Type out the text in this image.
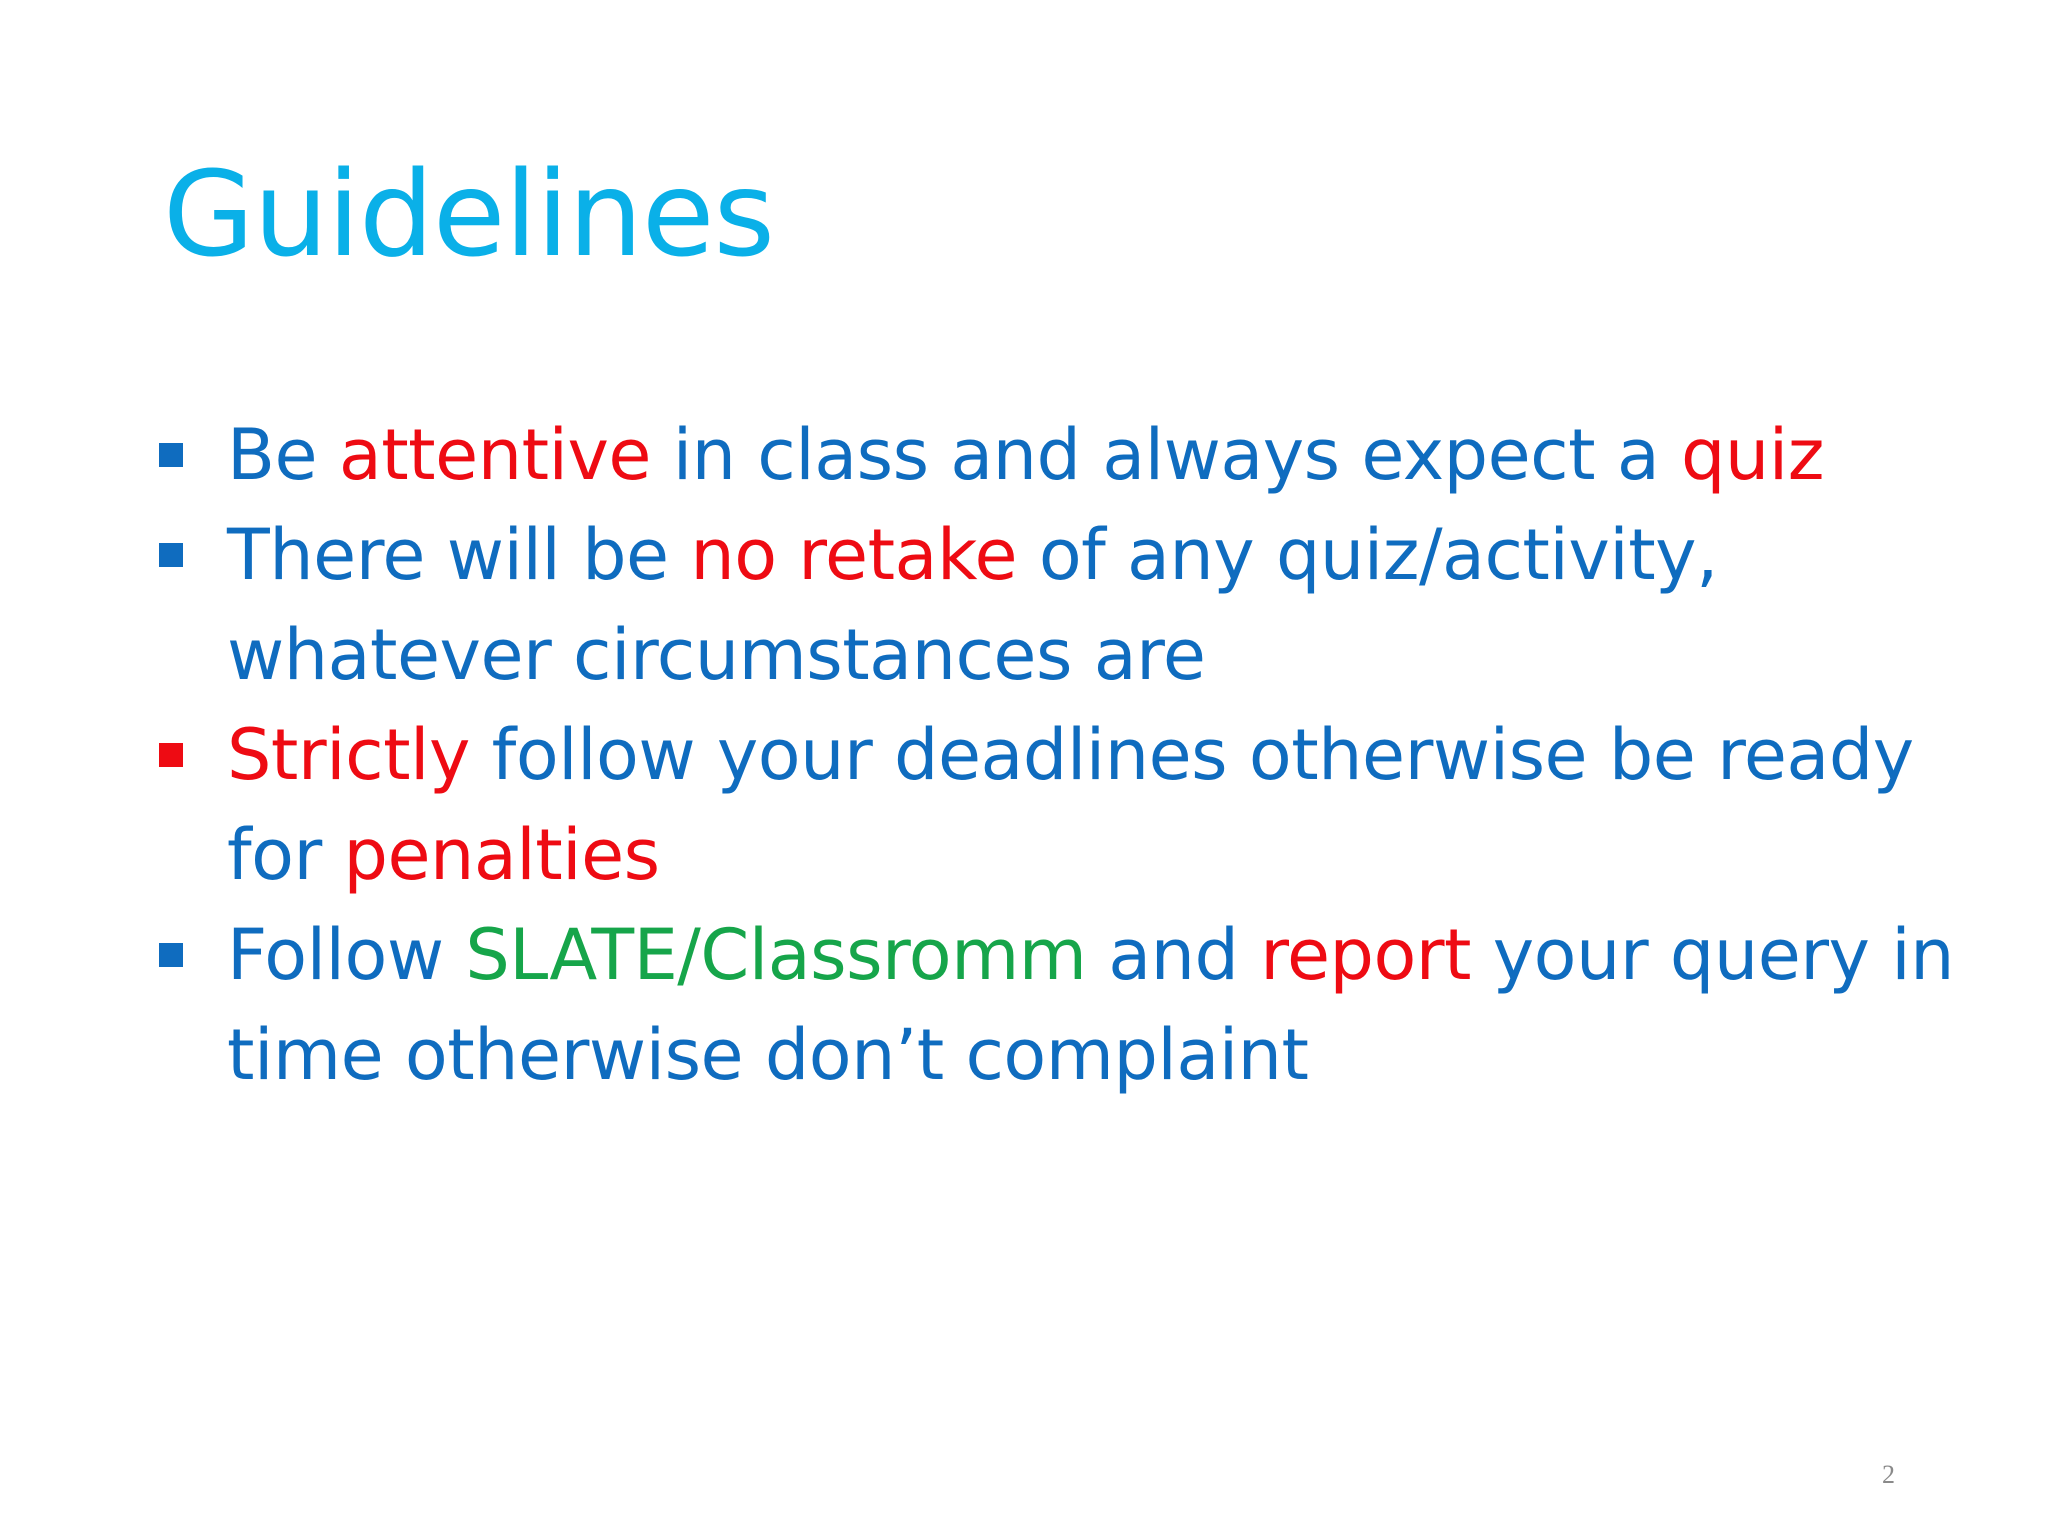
Guidelines
Be attentive in class and always expect a quiz
There will be no retake of any quiz/activity, whatever circumstances are
Strictly follow your deadlines otherwise be ready for penalties
Follow SLATE/Classromm and report your query in time otherwise don’t complaint
2
